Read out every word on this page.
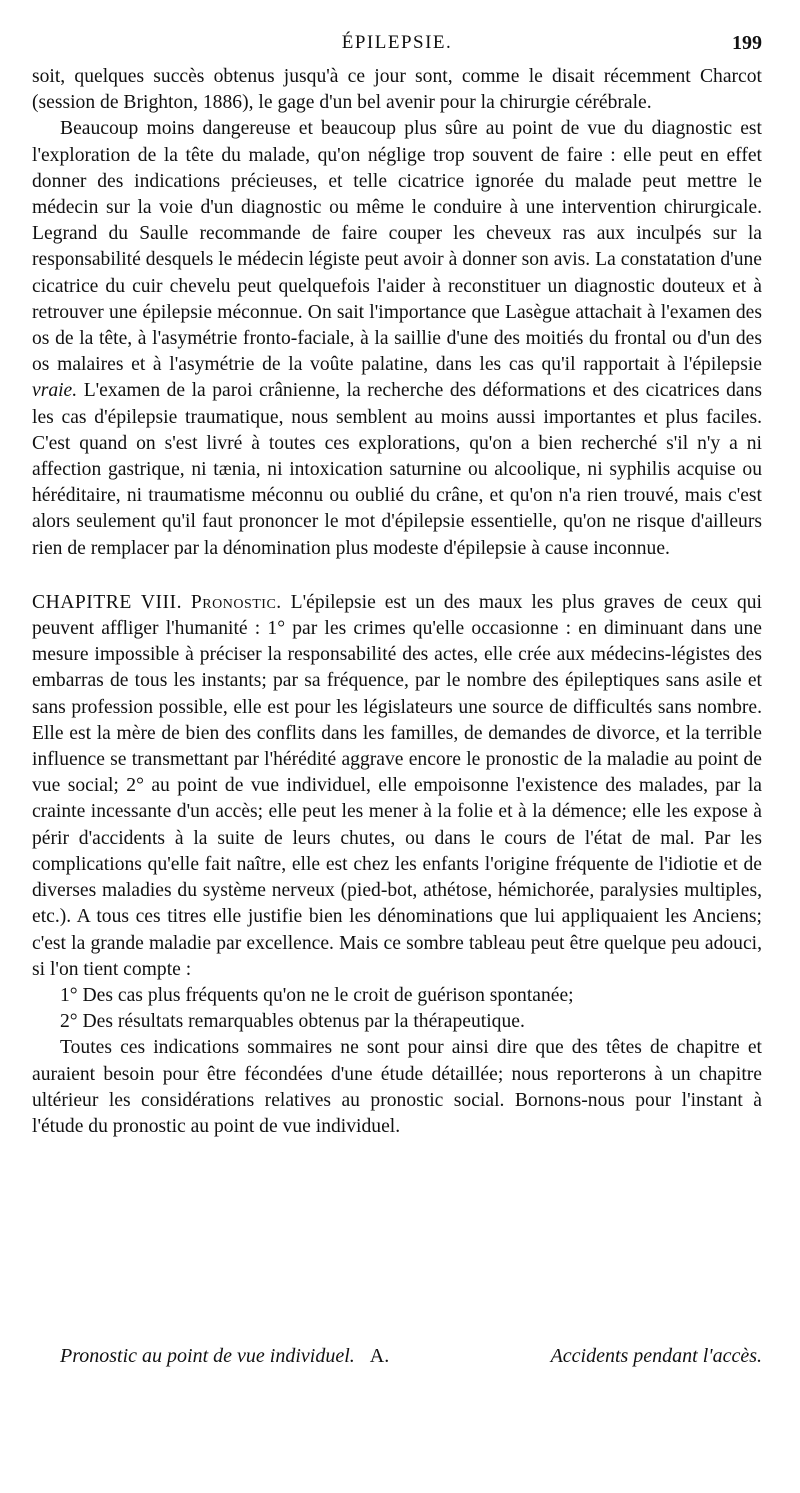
ÉPILEPSIE.	199

soit, quelques succès obtenus jusqu'à ce jour sont, comme le disait récemment Charcot (session de Brighton, 1886), le gage d'un bel avenir pour la chirurgie cérébrale.

Beaucoup moins dangereuse et beaucoup plus sûre au point de vue du diagnostic est l'exploration de la tête du malade, qu'on néglige trop souvent de faire : elle peut en effet donner des indications précieuses, et telle cicatrice ignorée du malade peut mettre le médecin sur la voie d'un diagnostic ou même le conduire à une intervention chirurgicale. Legrand du Saulle recommande de faire couper les cheveux ras aux inculpés sur la responsabilité desquels le médecin légiste peut avoir à donner son avis. La constatation d'une cicatrice du cuir chevelu peut quelquefois l'aider à reconstituer un diagnostic douteux et à retrouver une épilepsie méconnue. On sait l'importance que Lasègue attachait à l'examen des os de la tête, à l'asymétrie fronto-faciale, à la saillie d'une des moitiés du frontal ou d'un des os malaires et à l'asymétrie de la voûte palatine, dans les cas qu'il rapportait à l'épilepsie vraie. L'examen de la paroi crânienne, la recherche des déformations et des cicatrices dans les cas d'épilepsie traumatique, nous semblent au moins aussi importantes et plus faciles. C'est quand on s'est livré à toutes ces explorations, qu'on a bien recherché s'il n'y a ni affection gastrique, ni tænia, ni intoxication saturnine ou alcoolique, ni syphilis acquise ou héréditaire, ni traumatisme méconnu ou oublié du crâne, et qu'on n'a rien trouvé, mais c'est alors seulement qu'il faut prononcer le mot d'épilepsie essentielle, qu'on ne risque d'ailleurs rien de remplacer par la dénomination plus modeste d'épilepsie à cause inconnue.

CHAPITRE VIII. Pronostic. L'épilepsie est un des maux les plus graves de ceux qui peuvent affliger l'humanité : 1° par les crimes qu'elle occasionne : en diminuant dans une mesure impossible à préciser la responsabilité des actes, elle crée aux médecins-légistes des embarras de tous les instants; par sa fréquence, par le nombre des épileptiques sans asile et sans profession possible, elle est pour les législateurs une source de difficultés sans nombre. Elle est la mère de bien des conflits dans les familles, de demandes de divorce, et la terrible influence se transmettant par l'hérédité aggrave encore le pronostic de la maladie au point de vue social; 2° au point de vue individuel, elle empoisonne l'existence des malades, par la crainte incessante d'un accès; elle peut les mener à la folie et à la démence; elle les expose à périr d'accidents à la suite de leurs chutes, ou dans le cours de l'état de mal. Par les complications qu'elle fait naître, elle est chez les enfants l'origine fréquente de l'idiotie et de diverses maladies du système nerveux (pied-bot, athétose, hémichorée, paralysies multiples, etc.). A tous ces titres elle justifie bien les dénominations que lui appliquaient les Anciens; c'est la grande maladie par excellence. Mais ce sombre tableau peut être quelque peu adouci, si l'on tient compte :

1° Des cas plus fréquents qu'on ne le croit de guérison spontanée;

2° Des résultats remarquables obtenus par la thérapeutique.

Toutes ces indications sommaires ne sont pour ainsi dire que des têtes de chapitre et auraient besoin pour être fécondées d'une étude détaillée; nous reporterons à un chapitre ultérieur les considérations relatives au pronostic social. Bornons-nous pour l'instant à l'étude du pronostic au point de vue individuel.

Pronostic au point de vue individuel. A.	Accidents pendant l'accès.
